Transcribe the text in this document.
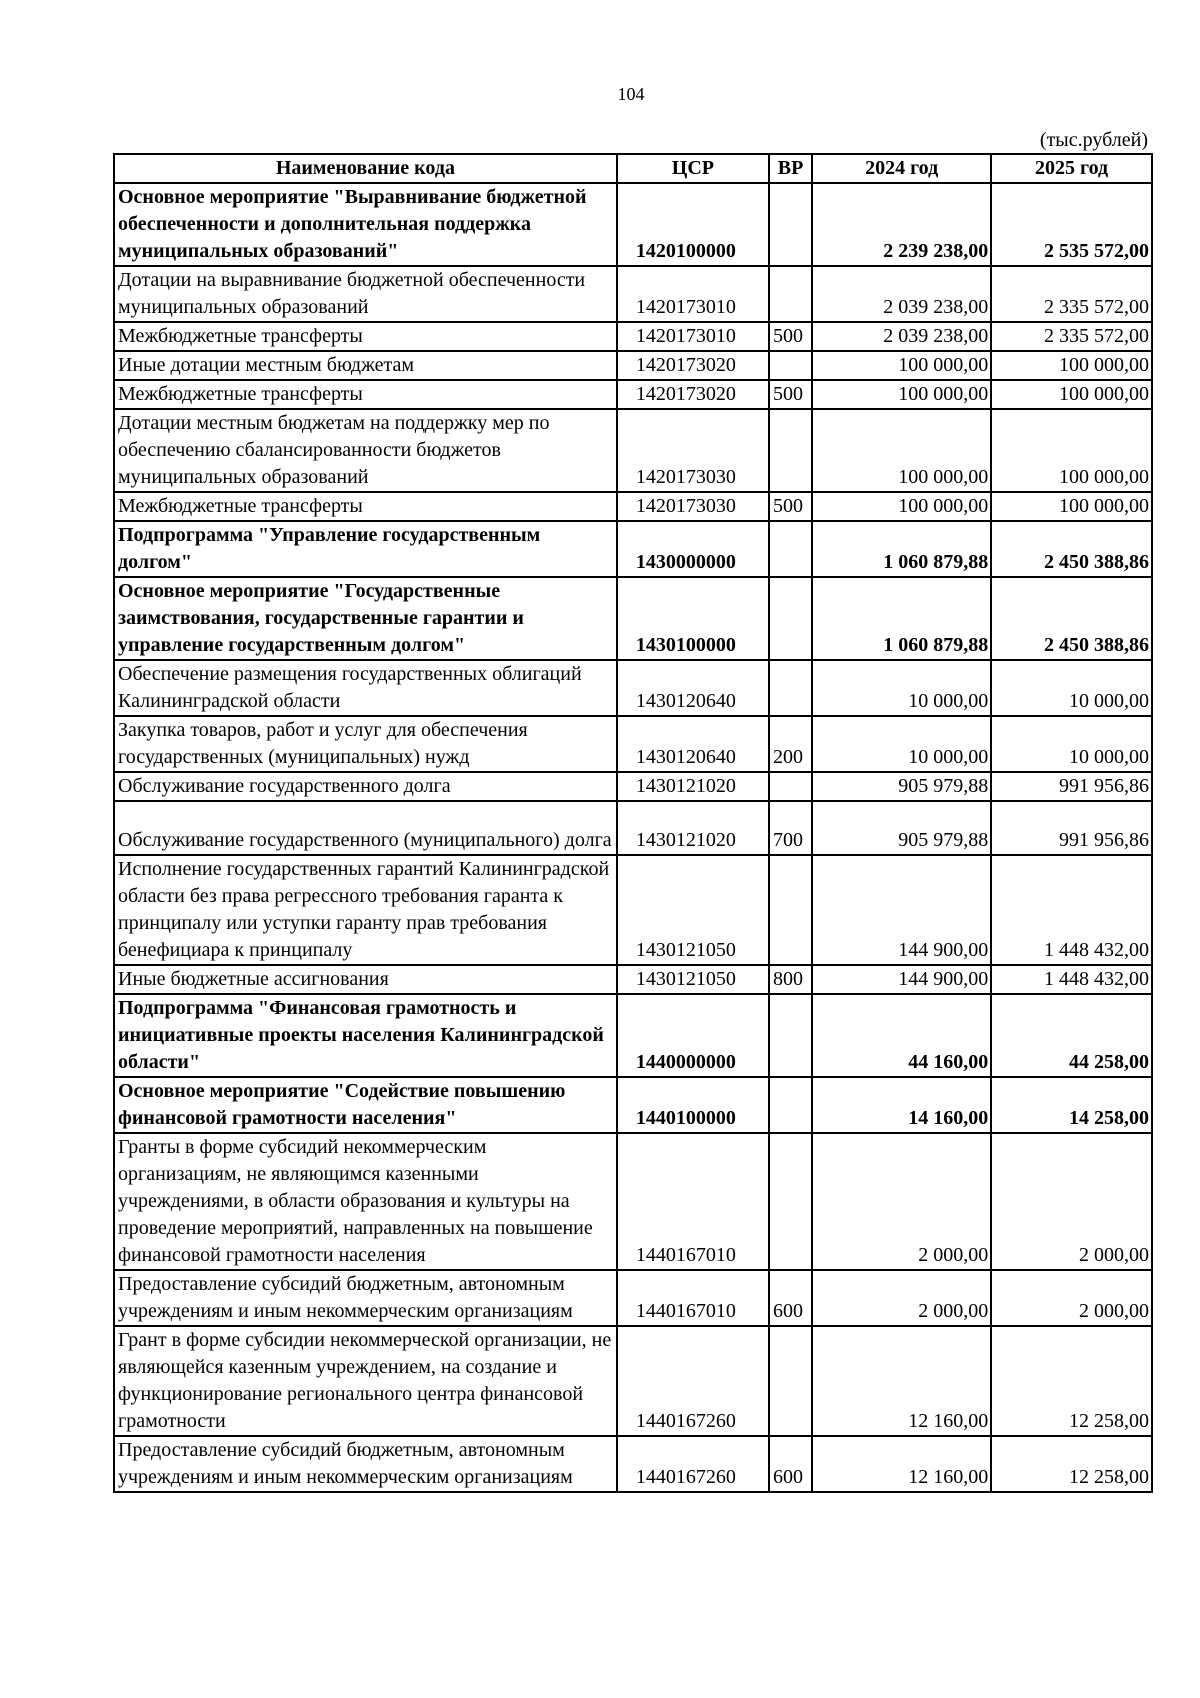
104
(тыс.рублей)
Наименование кода	ЦСР	ВР	2024 год	2025 год
Основное мероприятие "Выравнивание бюджетной обеспеченности и дополнительная поддержка муниципальных образований"	1420100000		2 239 238,00	2 535 572,00
Дотации на выравнивание бюджетной обеспеченности муниципальных образований	1420173010		2 039 238,00	2 335 572,00
Межбюджетные трансферты	1420173010	500	2 039 238,00	2 335 572,00
Иные дотации местным бюджетам	1420173020		100 000,00	100 000,00
Межбюджетные трансферты	1420173020	500	100 000,00	100 000,00
Дотации местным бюджетам на поддержку мер по обеспечению сбалансированности бюджетов муниципальных образований	1420173030		100 000,00	100 000,00
Межбюджетные трансферты	1420173030	500	100 000,00	100 000,00
Подпрограмма "Управление государственным долгом"	1430000000		1 060 879,88	2 450 388,86
Основное мероприятие "Государственные заимствования, государственные гарантии и управление государственным долгом"	1430100000		1 060 879,88	2 450 388,86
Обеспечение размещения государственных облигаций Калининградской области	1430120640		10 000,00	10 000,00
Закупка товаров, работ и услуг для обеспечения государственных (муниципальных) нужд	1430120640	200	10 000,00	10 000,00
Обслуживание государственного долга	1430121020		905 979,88	991 956,86
Обслуживание государственного (муниципального) долга	1430121020	700	905 979,88	991 956,86
Исполнение государственных гарантий Калининградской области без права регрессного требования гаранта к принципалу или уступки гаранту прав требования бенефициара к принципалу	1430121050		144 900,00	1 448 432,00
Иные бюджетные ассигнования	1430121050	800	144 900,00	1 448 432,00
Подпрограмма "Финансовая грамотность и инициативные проекты населения Калининградской области"	1440000000		44 160,00	44 258,00
Основное мероприятие "Содействие повышению финансовой грамотности населения"	1440100000		14 160,00	14 258,00
Гранты в форме субсидий некоммерческим организациям, не являющимся казенными учреждениями, в области образования и культуры на проведение мероприятий, направленных на повышение финансовой грамотности населения	1440167010		2 000,00	2 000,00
Предоставление субсидий бюджетным, автономным учреждениям и иным некоммерческим организациям	1440167010	600	2 000,00	2 000,00
Грант в форме субсидии некоммерческой организации, не являющейся казенным учреждением, на создание и функционирование регионального центра финансовой грамотности	1440167260		12 160,00	12 258,00
Предоставление субсидий бюджетным, автономным учреждениям и иным некоммерческим организациям	1440167260	600	12 160,00	12 258,00
